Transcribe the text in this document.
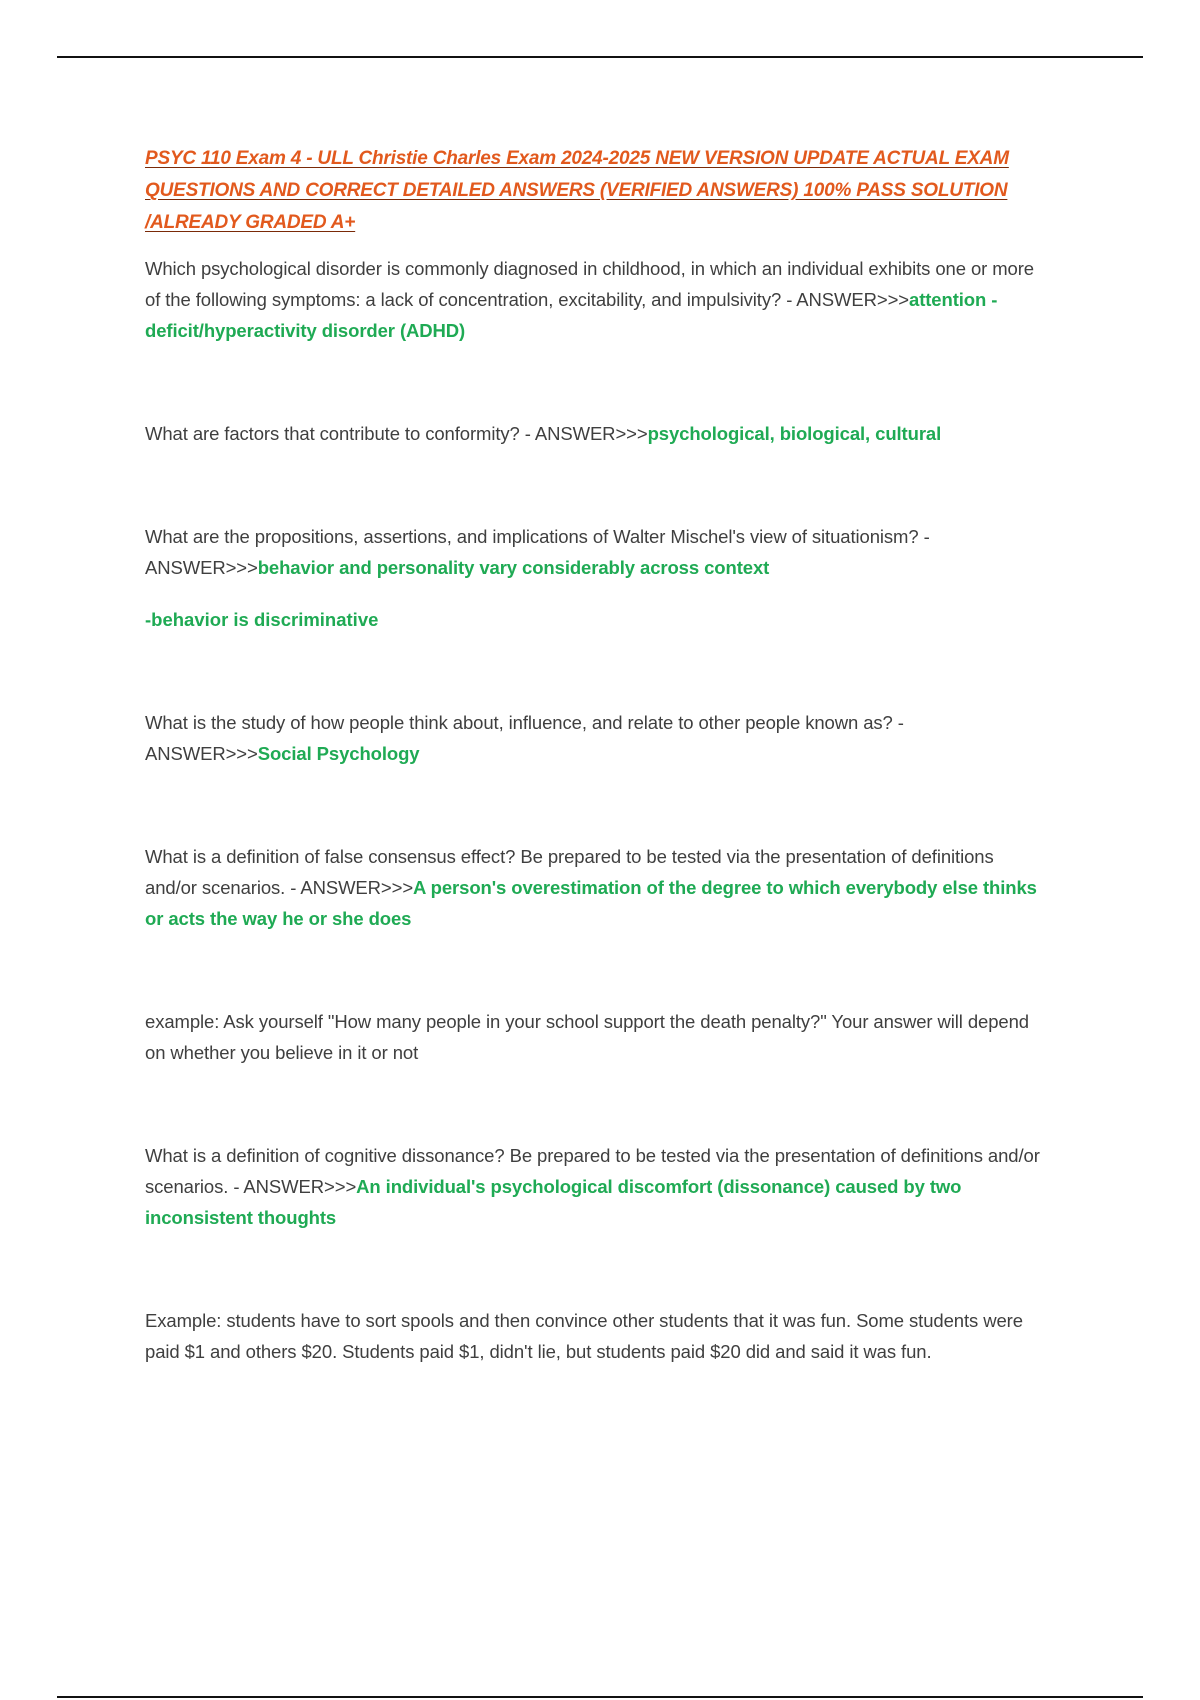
PSYC 110 Exam 4 - ULL Christie Charles Exam 2024-2025 NEW VERSION UPDATE ACTUAL EXAM QUESTIONS AND CORRECT DETAILED ANSWERS (VERIFIED ANSWERS) 100% PASS SOLUTION /ALREADY GRADED A+

Which psychological disorder is commonly diagnosed in childhood, in which an individual exhibits one or more of the following symptoms: a lack of concentration, excitability, and impulsivity? - ANSWER>>>attention - deficit/hyperactivity disorder (ADHD)

What are factors that contribute to conformity? - ANSWER>>>psychological, biological, cultural

What are the propositions, assertions, and implications of Walter Mischel's view of situationism? - ANSWER>>>behavior and personality vary considerably across context

-behavior is discriminative

What is the study of how people think about, influence, and relate to other people known as? - ANSWER>>>Social Psychology

What is a definition of false consensus effect? Be prepared to be tested via the presentation of definitions and/or scenarios. - ANSWER>>>A person's overestimation of the degree to which everybody else thinks or acts the way he or she does

example: Ask yourself "How many people in your school support the death penalty?" Your answer will depend on whether you believe in it or not

What is a definition of cognitive dissonance? Be prepared to be tested via the presentation of definitions and/or scenarios. - ANSWER>>>An individual's psychological discomfort (dissonance) caused by two inconsistent thoughts

Example: students have to sort spools and then convince other students that it was fun. Some students were paid $1 and others $20. Students paid $1, didn't lie, but students paid $20 did and said it was fun.
